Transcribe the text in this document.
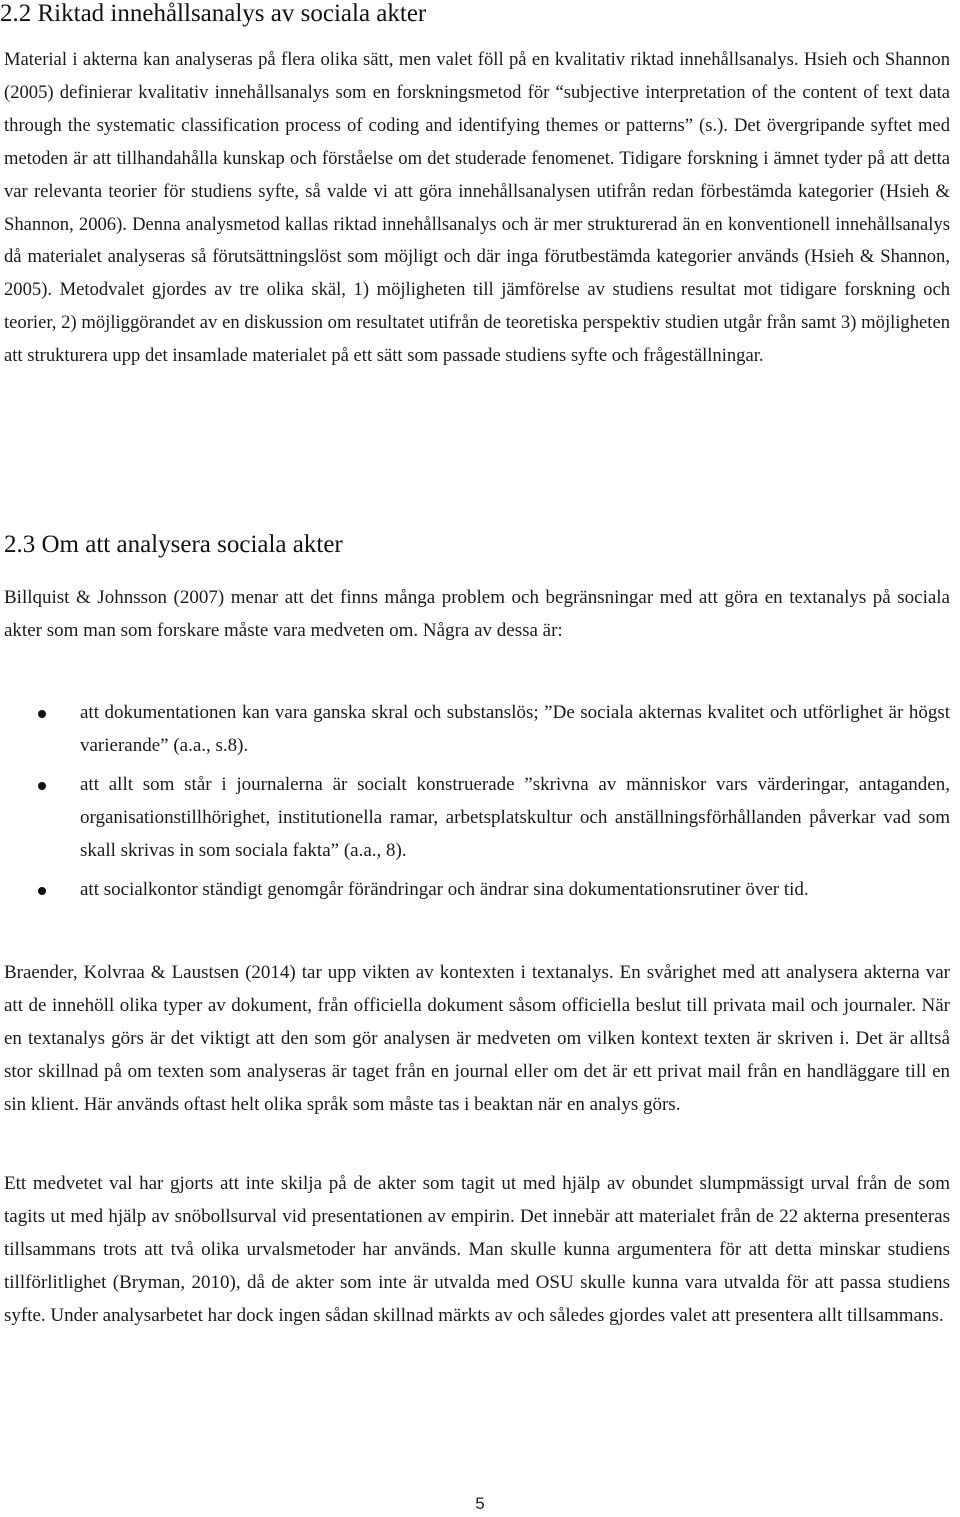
2.2 Riktad innehållsanalys av sociala akter

Material i akterna kan analyseras på flera olika sätt, men valet föll på en kvalitativ riktad innehållsanalys. Hsieh och Shannon (2005) definierar kvalitativ innehållsanalys som en forskningsmetod för “subjective interpretation of the content of text data through the systematic classification process of coding and identifying themes or patterns” (s.). Det övergripande syftet med metoden är att tillhandahålla kunskap och förståelse om det studerade fenomenet. Tidigare forskning i ämnet tyder på att detta var relevanta teorier för studiens syfte, så valde vi att göra innehållsanalysen utifrån redan förbestämda kategorier (Hsieh & Shannon, 2006). Denna analysmetod kallas riktad innehållsanalys och är mer strukturerad än en konventionell innehållsanalys då materialet analyseras så förutsättningslöst som möjligt och där inga förutbestämda kategorier används (Hsieh & Shannon, 2005). Metodvalet gjordes av tre olika skäl, 1) möjligheten till jämförelse av studiens resultat mot tidigare forskning och teorier, 2) möjliggörandet av en diskussion om resultatet utifrån de teoretiska perspektiv studien utgår från samt 3) möjligheten att strukturera upp det insamlade materialet på ett sätt som passade studiens syfte och frågeställningar.

2.3 Om att analysera sociala akter

Billquist & Johnsson (2007) menar att det finns många problem och begränsningar med att göra en textanalys på sociala akter som man som forskare måste vara medveten om. Några av dessa är:

att dokumentationen kan vara ganska skral och substanslös; ”De sociala akternas kvalitet och utförlighet är högst varierande” (a.a., s.8).
att allt som står i journalerna är socialt konstruerade ”skrivna av människor vars värderingar, antaganden, organisationstillhörighet, institutionella ramar, arbetsplatskultur och anställningsförhållanden påverkar vad som skall skrivas in som sociala fakta” (a.a., 8).
att socialkontor ständigt genomgår förändringar och ändrar sina dokumentationsrutiner över tid.

Braender, Kolvraa & Laustsen (2014) tar upp vikten av kontexten i textanalys. En svårighet med att analysera akterna var att de innehöll olika typer av dokument, från officiella dokument såsom officiella beslut till privata mail och journaler. När en textanalys görs är det viktigt att den som gör analysen är medveten om vilken kontext texten är skriven i. Det är alltså stor skillnad på om texten som analyseras är taget från en journal eller om det är ett privat mail från en handläggare till en sin klient. Här används oftast helt olika språk som måste tas i beaktan när en analys görs.

Ett medvetet val har gjorts att inte skilja på de akter som tagit ut med hjälp av obundet slumpmässigt urval från de som tagits ut med hjälp av snöbollsurval vid presentationen av empirin. Det innebär att materialet från de 22 akterna presenteras tillsammans trots att två olika urvalsmetoder har används. Man skulle kunna argumentera för att detta minskar studiens tillförlitlighet (Bryman, 2010), då de akter som inte är utvalda med OSU skulle kunna vara utvalda för att passa studiens syfte. Under analysarbetet har dock ingen sådan skillnad märkts av och således gjordes valet att presentera allt tillsammans.

5
